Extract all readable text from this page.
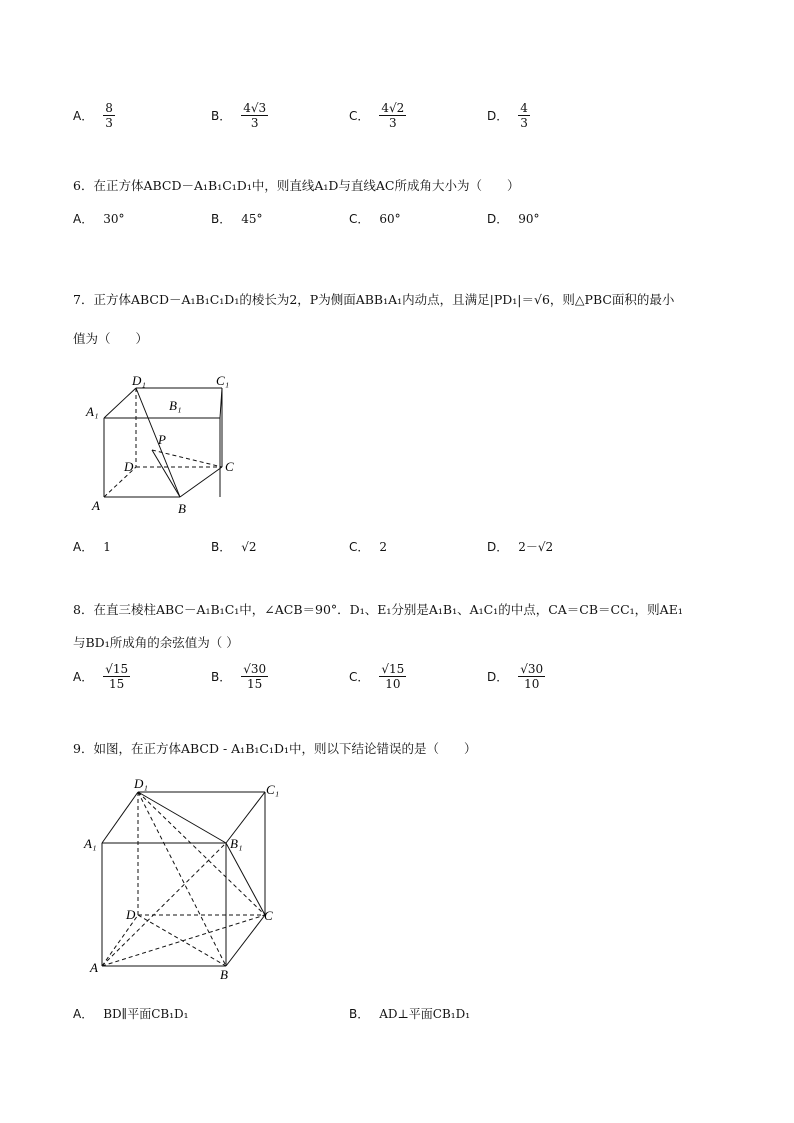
A． $\frac{8}{3}$	B． $\frac{4√3}{3}$	C． $\frac{4√2}{3}$	D． $\frac{4}{3}$
6．在正方体ABCD－A₁B₁C₁D₁中，则直线A₁D与直线AC所成角大小为（　　）
A． 30°	B． 45°	C． 60°	D． 90°
7．正方体ABCD－A₁B₁C₁D₁的棱长为2，P为侧面ABB₁A₁内动点，且满足|PD₁|＝√6，则△PBC面积的最小
值为（　　）
D₁	C₁
A₁	B₁
P
D	C
A	B
A． 1	B． √2	C． 2	D． 2－√2
8．在直三棱柱ABC－A₁B₁C₁中，∠ACB＝90°．D₁、E₁分别是A₁B₁、A₁C₁的中点，CA＝CB＝CC₁，则AE₁
与BD₁所成角的余弦值为（ ）
A． $\frac{√15}{15}$	B． $\frac{√30}{15}$	C． $\frac{√15}{10}$	D． $\frac{√30}{10}$
9．如图，在正方体ABCD - A₁B₁C₁D₁中，则以下结论错误的是（　　）
D₁	C₁
A₁	B₁
D	C
A	B
A． BD∥平面CB₁D₁	B． AD⊥平面CB₁D₁
